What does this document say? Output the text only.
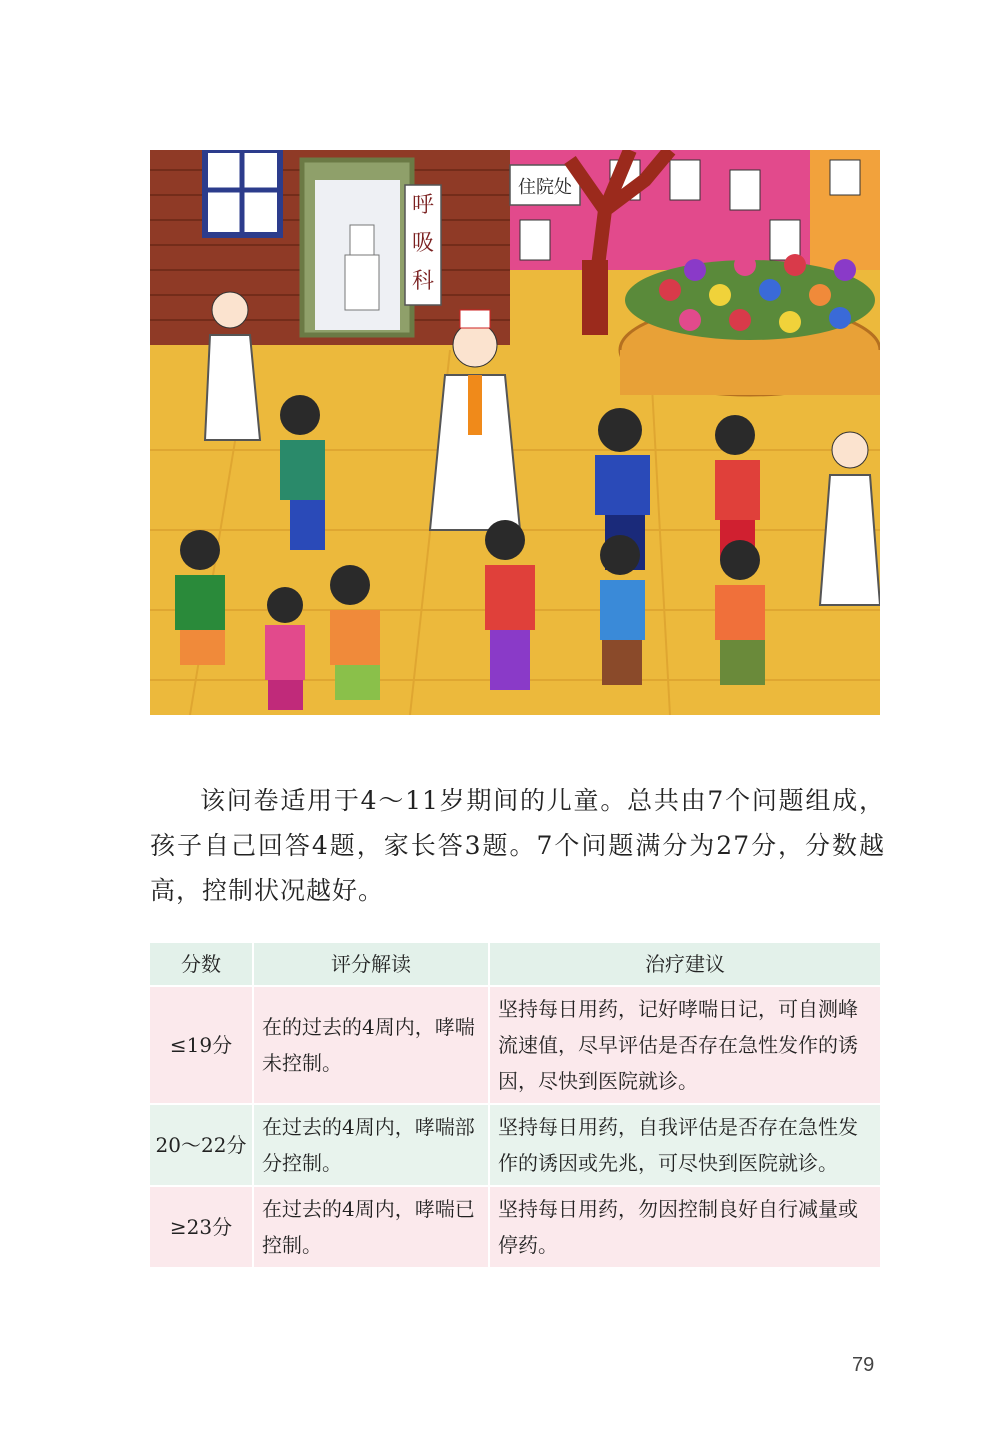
呼
吸
科
住院处

该问卷适用于4～11岁期间的儿童。总共由7个问题组成，孩子自己回答4题，家长答3题。7个问题满分为27分，分数越高，控制状况越好。

分数	评分解读	治疗建议
≤19分	在的过去的4周内，哮喘未控制。	坚持每日用药，记好哮喘日记，可自测峰流速值，尽早评估是否存在急性发作的诱因，尽快到医院就诊。
20～22分	在过去的4周内，哮喘部分控制。	坚持每日用药，自我评估是否存在急性发作的诱因或先兆，可尽快到医院就诊。
≥23分	在过去的4周内，哮喘已控制。	坚持每日用药，勿因控制良好自行减量或停药。
79
